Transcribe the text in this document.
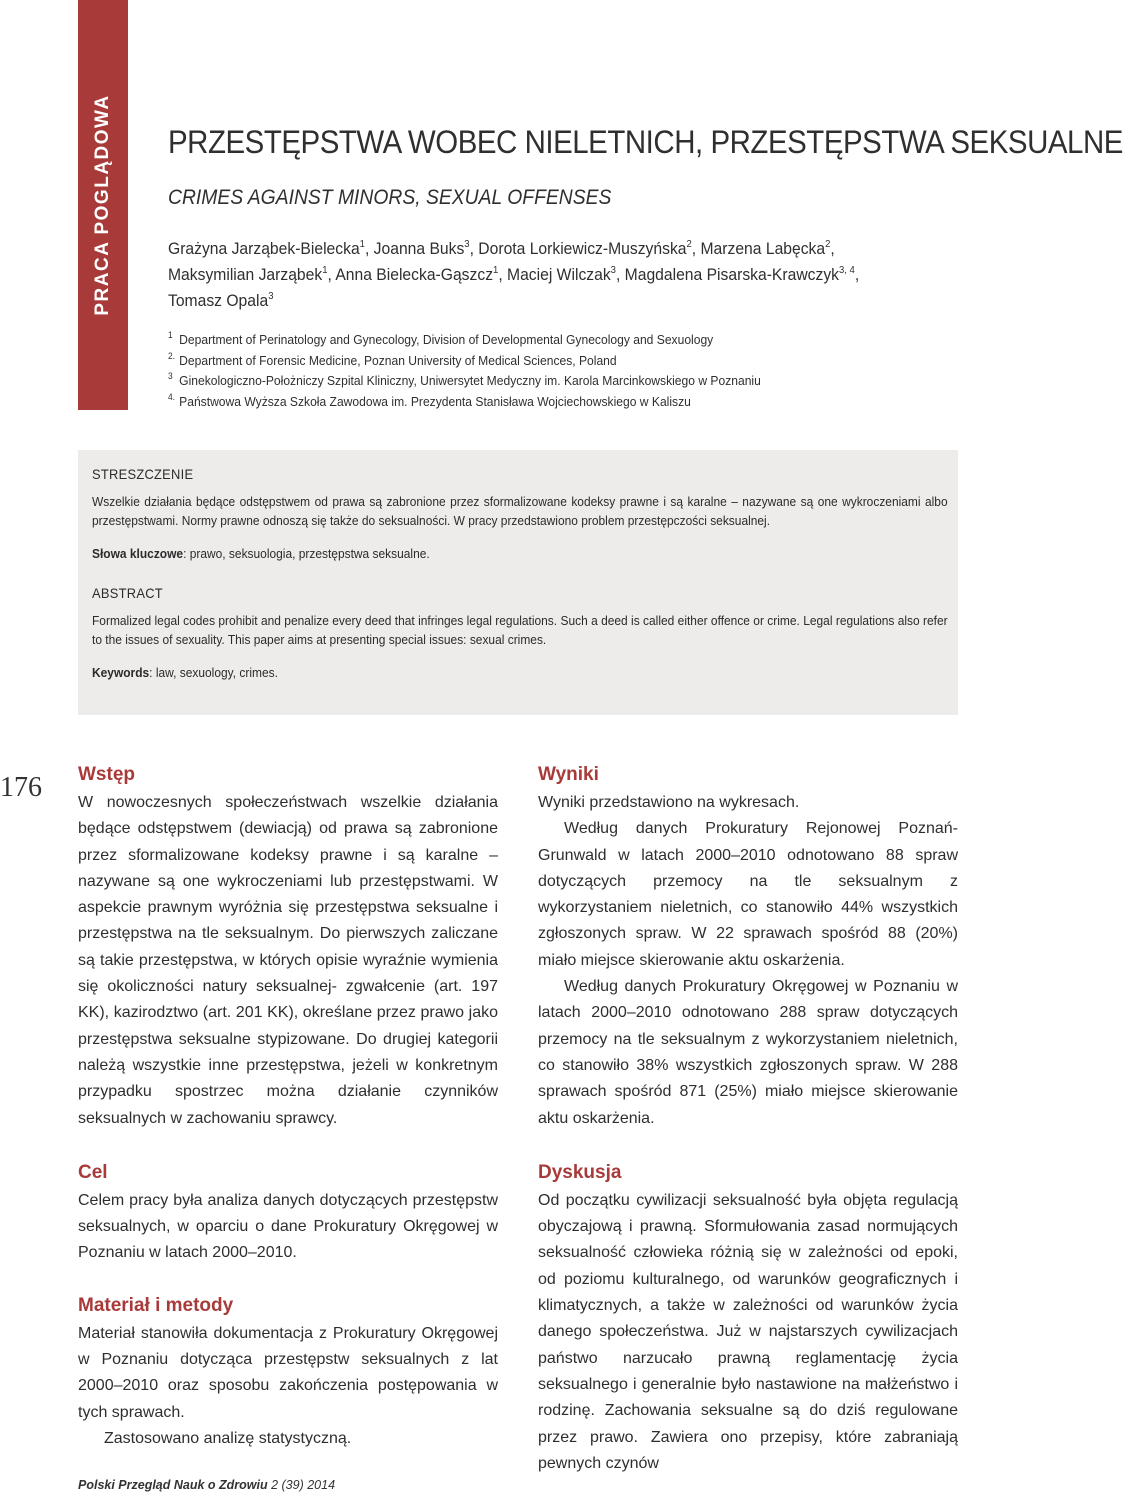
PRACA POGLĄDOWA PRZESTĘPSTWA WOBEC NIELETNICH, PRZESTĘPSTWA SEKSUALNE
CRIMES AGAINST MINORS, SEXUAL OFFENSES
Grażyna Jarząbek-Bielecka$^1$, Joanna Buks$^3$, Dorota Lorkiewicz-Muszyńska$^2$, Marzena Labęcka$^2$,
Maksymilian Jarząbek$^1$, Anna Bielecka-Gąszcz$^1$, Maciej Wilczak$^3$, Magdalena Pisarska-Krawczyk$^{3, 4}$,
Tomasz Opala$^3$
1 Department of Perinatology and Gynecology, Division of Developmental Gynecology and Sexuology
2. Department of Forensic Medicine, Poznan University of Medical Sciences, Poland
3 Ginekologiczno-Położniczy Szpital Kliniczny, Uniwersytet Medyczny im. Karola Marcinkowskiego w Poznaniu
4. Państwowa Wyższa Szkoła Zawodowa im. Prezydenta Stanisława Wojciechowskiego w Kaliszu
STRESZCZENIE

Wszelkie działania będące odstępstwem od prawa są zabronione przez sformalizowane kodeksy prawne i są karalne – nazywane są one wykroczeniami albo przestępstwami. Normy prawne odnoszą się także do seksualności. W pracy przedstawiono problem przestępczości seksualnej.

Słowa kluczowe: prawo, seksuologia, przestępstwa seksualne.

ABSTRACT

Formalized legal codes prohibit and penalize every deed that infringes legal regulations. Such a deed is called either offence or crime. Legal regulations also refer to the issues of sexuality. This paper aims at presenting special issues: sexual crimes.

Keywords: law, sexuology, crimes.

176 Wstęp

W nowoczesnych społeczeństwach wszelkie działania będące odstępstwem (dewiacją) od prawa są zabronione przez sformalizowane kodeksy prawne i są karalne – nazywane są one wykroczeniami lub przestępstwami. W aspekcie prawnym wyróżnia się przestępstwa seksualne i przestępstwa na tle seksualnym. Do pierwszych zaliczane są takie przestępstwa, w których opisie wyraźnie wymienia się okoliczności natury seksualnej- zgwałcenie (art. 197 KK), kazirodztwo (art. 201 KK), określane przez prawo jako przestępstwa seksualne stypizowane. Do drugiej kategorii należą wszystkie inne przestępstwa, jeżeli w konkretnym przypadku spostrzec można działanie czynników seksualnych w zachowaniu sprawcy.

Cel

Celem pracy była analiza danych dotyczących przestępstw seksualnych, w oparciu o dane Prokuratury Okręgowej w Poznaniu w latach 2000–2010.

Materiał i metody

Materiał stanowiła dokumentacja z Prokuratury Okręgowej w Poznaniu dotycząca przestępstw seksualnych z lat 2000–2010 oraz sposobu zakończenia postępowania w tych sprawach.

Zastosowano analizę statystyczną.

Wyniki

Wyniki przedstawiono na wykresach.

Według danych Prokuratury Rejonowej Poznań-Grunwald w latach 2000–2010 odnotowano 88 spraw dotyczących przemocy na tle seksualnym z wykorzystaniem nieletnich, co stanowiło 44% wszystkich zgłoszonych spraw. W 22 sprawach spośród 88 (20%) miało miejsce skierowanie aktu oskarżenia.

Według danych Prokuratury Okręgowej w Poznaniu w latach 2000–2010 odnotowano 288 spraw dotyczących przemocy na tle seksualnym z wykorzystaniem nieletnich, co stanowiło 38% wszystkich zgłoszonych spraw. W 288 sprawach spośród 871 (25%) miało miejsce skierowanie aktu oskarżenia.

Dyskusja

Od początku cywilizacji seksualność była objęta regulacją obyczajową i prawną. Sformułowania zasad normujących seksualność człowieka różnią się w zależności od epoki, od poziomu kulturalnego, od warunków geograficznych i klimatycznych, a także w zależności od warunków życia danego społeczeństwa. Już w najstarszych cywilizacjach państwo narzucało prawną reglamentację życia seksualnego i generalnie było nastawione na małżeństwo i rodzinę. Zachowania seksualne są do dziś regulowane przez prawo. Zawiera ono przepisy, które zabraniają pewnych czynów

Polski Przegląd Nauk o Zdrowiu 2 (39) 2014
